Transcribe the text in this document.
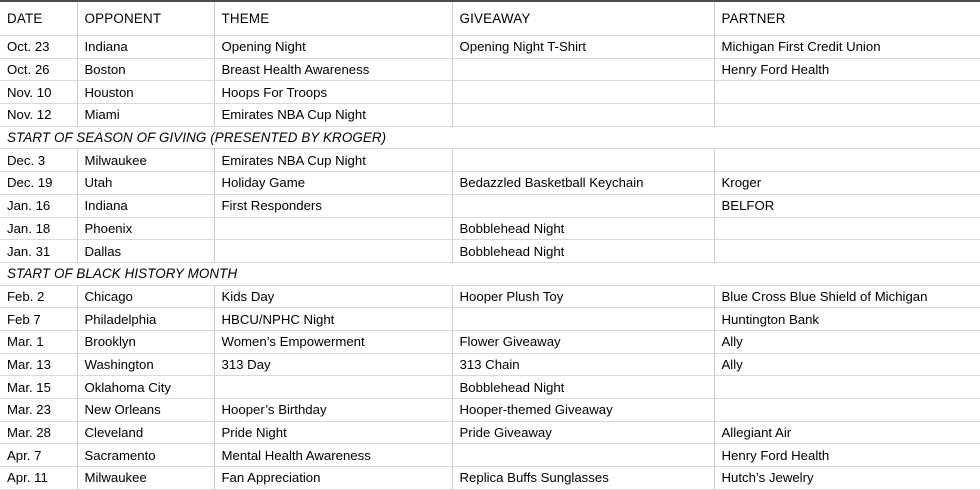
DATE	OPPONENT	THEME	GIVEAWAY	PARTNER
Oct. 23	Indiana	Opening Night	Opening Night T-Shirt	Michigan First Credit Union
Oct. 26	Boston	Breast Health Awareness		Henry Ford Health
Nov. 10	Houston	Hoops For Troops		
Nov. 12	Miami	Emirates NBA Cup Night		
START OF SEASON OF GIVING (PRESENTED BY KROGER)				
Dec. 3	Milwaukee	Emirates NBA Cup Night		
Dec. 19	Utah	Holiday Game	Bedazzled Basketball Keychain	Kroger
Jan. 16	Indiana	First Responders		BELFOR
Jan. 18	Phoenix		Bobblehead Night	
Jan. 31	Dallas		Bobblehead Night	
START OF BLACK HISTORY MONTH				
Feb. 2	Chicago	Kids Day	Hooper Plush Toy	Blue Cross Blue Shield of Michigan
Feb 7	Philadelphia	HBCU/NPHC Night		Huntington Bank
Mar. 1	Brooklyn	Women’s Empowerment	Flower Giveaway	Ally
Mar. 13	Washington	313 Day	313 Chain	Ally
Mar. 15	Oklahoma City		Bobblehead Night	
Mar. 23	New Orleans	Hooper’s Birthday	Hooper-themed Giveaway	
Mar. 28	Cleveland	Pride Night	Pride Giveaway	Allegiant Air
Apr. 7	Sacramento	Mental Health Awareness		Henry Ford Health
Apr. 11	Milwaukee	Fan Appreciation	Replica Buffs Sunglasses	Hutch’s Jewelry
